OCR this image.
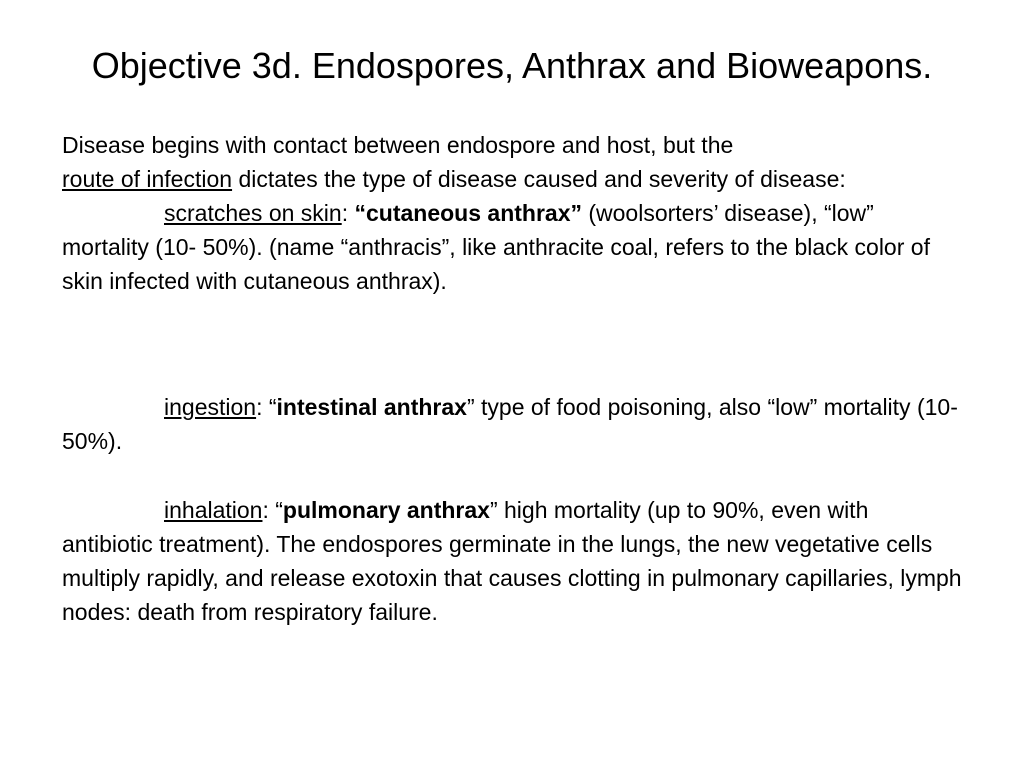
Objective 3d. Endospores, Anthrax and Bioweapons.

Disease begins with contact between endospore and host, but the
route of infection dictates the type of disease caused and severity of disease:
scratches on skin: “cutaneous anthrax” (woolsorters’ disease), “low” mortality (10- 50%). (name “anthracis”, like anthracite coal, refers to the black color of skin infected with cutaneous anthrax).

ingestion: “intestinal anthrax” type of food poisoning, also “low” mortality (10-50%).

inhalation: “pulmonary anthrax” high mortality (up to 90%, even with antibiotic treatment). The endospores germinate in the lungs, the new vegetative cells multiply rapidly, and release exotoxin that causes clotting in pulmonary capillaries, lymph nodes: death from respiratory failure.
